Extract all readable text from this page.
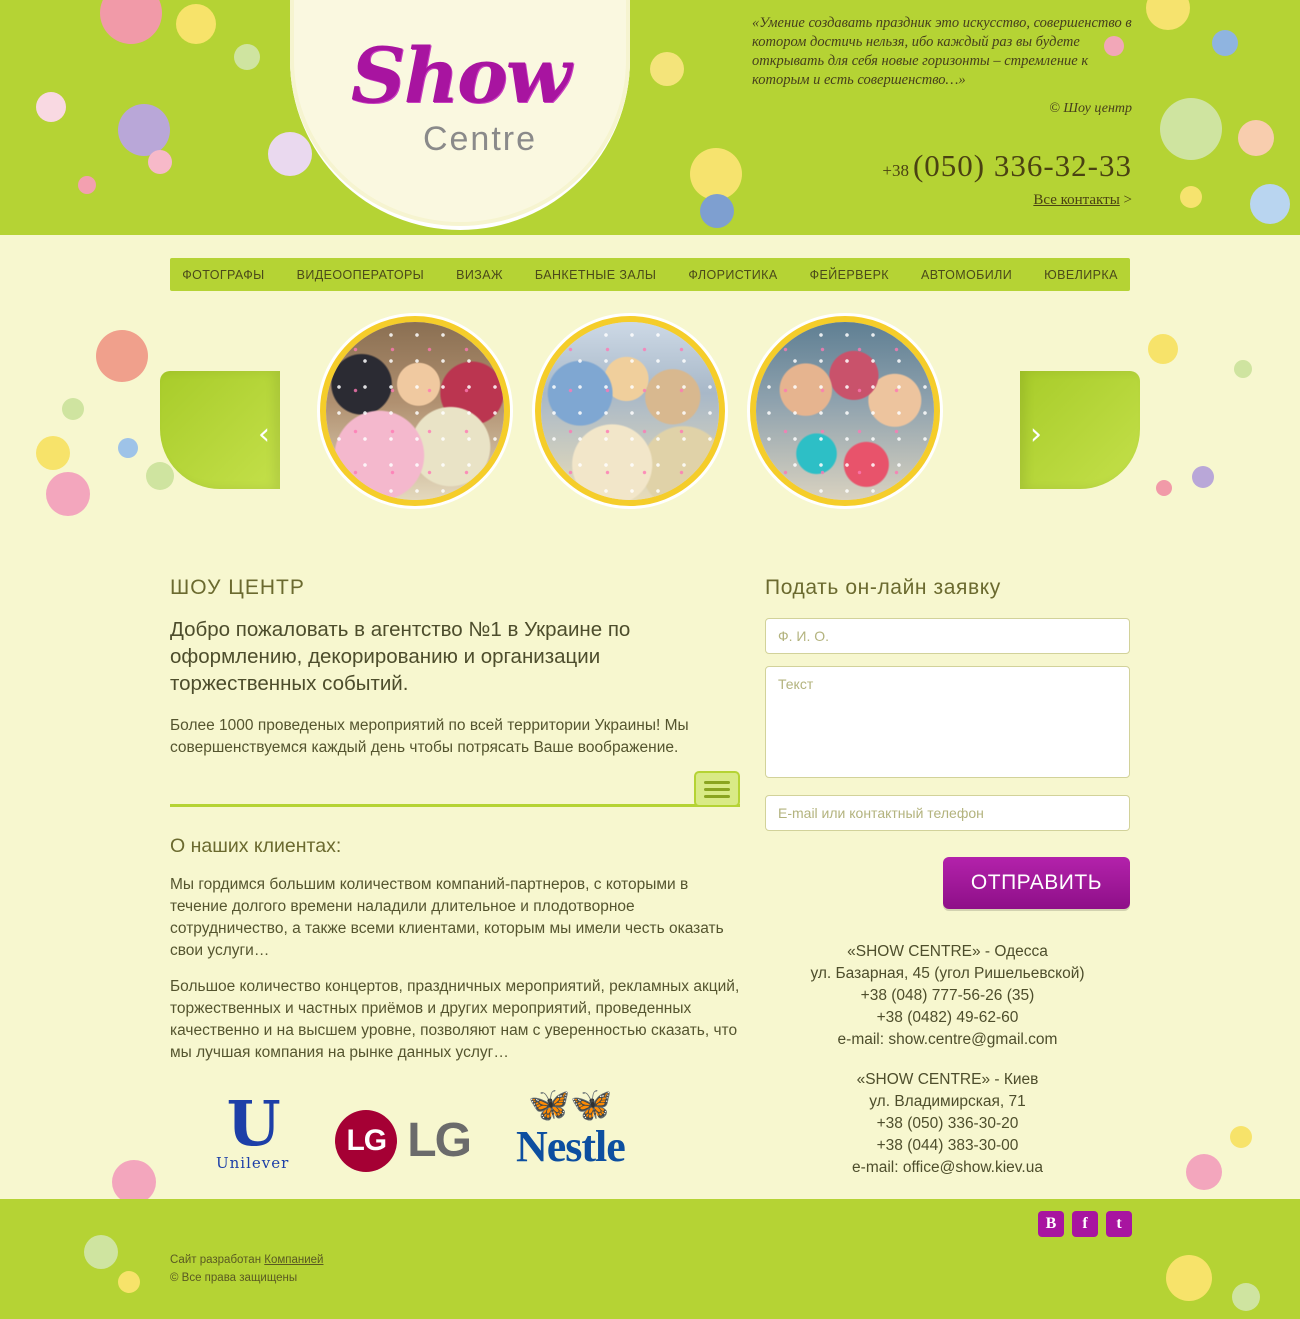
Show
Centre
«Умение создавать праздник это искусство, совершенство в котором достичь нельзя, ибо каждый раз вы будете открывать для себя новые горизонты – стремление к которым и есть совершенство…»
© Шоу центр
+38 (050) 336-32-33
Все контакты >
ФОТОГРАФЫ	ВИДЕООПЕРАТОРЫ	ВИЗАЖ	БАНКЕТНЫЕ ЗАЛЫ	ФЛОРИСТИКА	ФЕЙЕРВЕРК	АВТОМОБИЛИ	ЮВЕЛИРКА
‹	›
ШОУ ЦЕНТР

Добро пожаловать в агентство №1 в Украине по оформлению, декорированию и организации торжественных событий.

Более 1000 проведеных мероприятий по всей территории Украины! Мы совершенствуемся каждый день чтобы потрясать Ваше воображение.

О наших клиентах:

Мы гордимся большим количеством компаний-партнеров, с которыми в течение долгого времени наладили длительное и плодотворное сотрудничество, а также всеми клиентами, которым мы имели честь оказать свои услуги…

Большое количество концертов, праздничных мероприятий, рекламных акций, торжественных и частных приёмов и других мероприятий, проведенных качественно и на высшем уровне, позволяют нам с уверенностью сказать, что мы лучшая компания на рынке данных услуг…

U
Unilever
LG LG
🦋🦋
Nestle
Подать он-лайн заявку
Ф. И. О. Текст E-mail или контактный телефон
ОТПРАВИТЬ
«SHOW CENTRE» - Одесса
ул. Базарная, 45 (угол Ришельевской)
+38 (048) 777-56-26 (35)
+38 (0482) 49-62-60
e-mail: show.centre@gmail.com
«SHOW CENTRE» - Киев
ул. Владимирская, 71
+38 (050) 336-30-20
+38 (044) 383-30-00
e-mail: office@show.kiev.ua
Сайт разработан Компанией
© Все права защищены
В	f	t
